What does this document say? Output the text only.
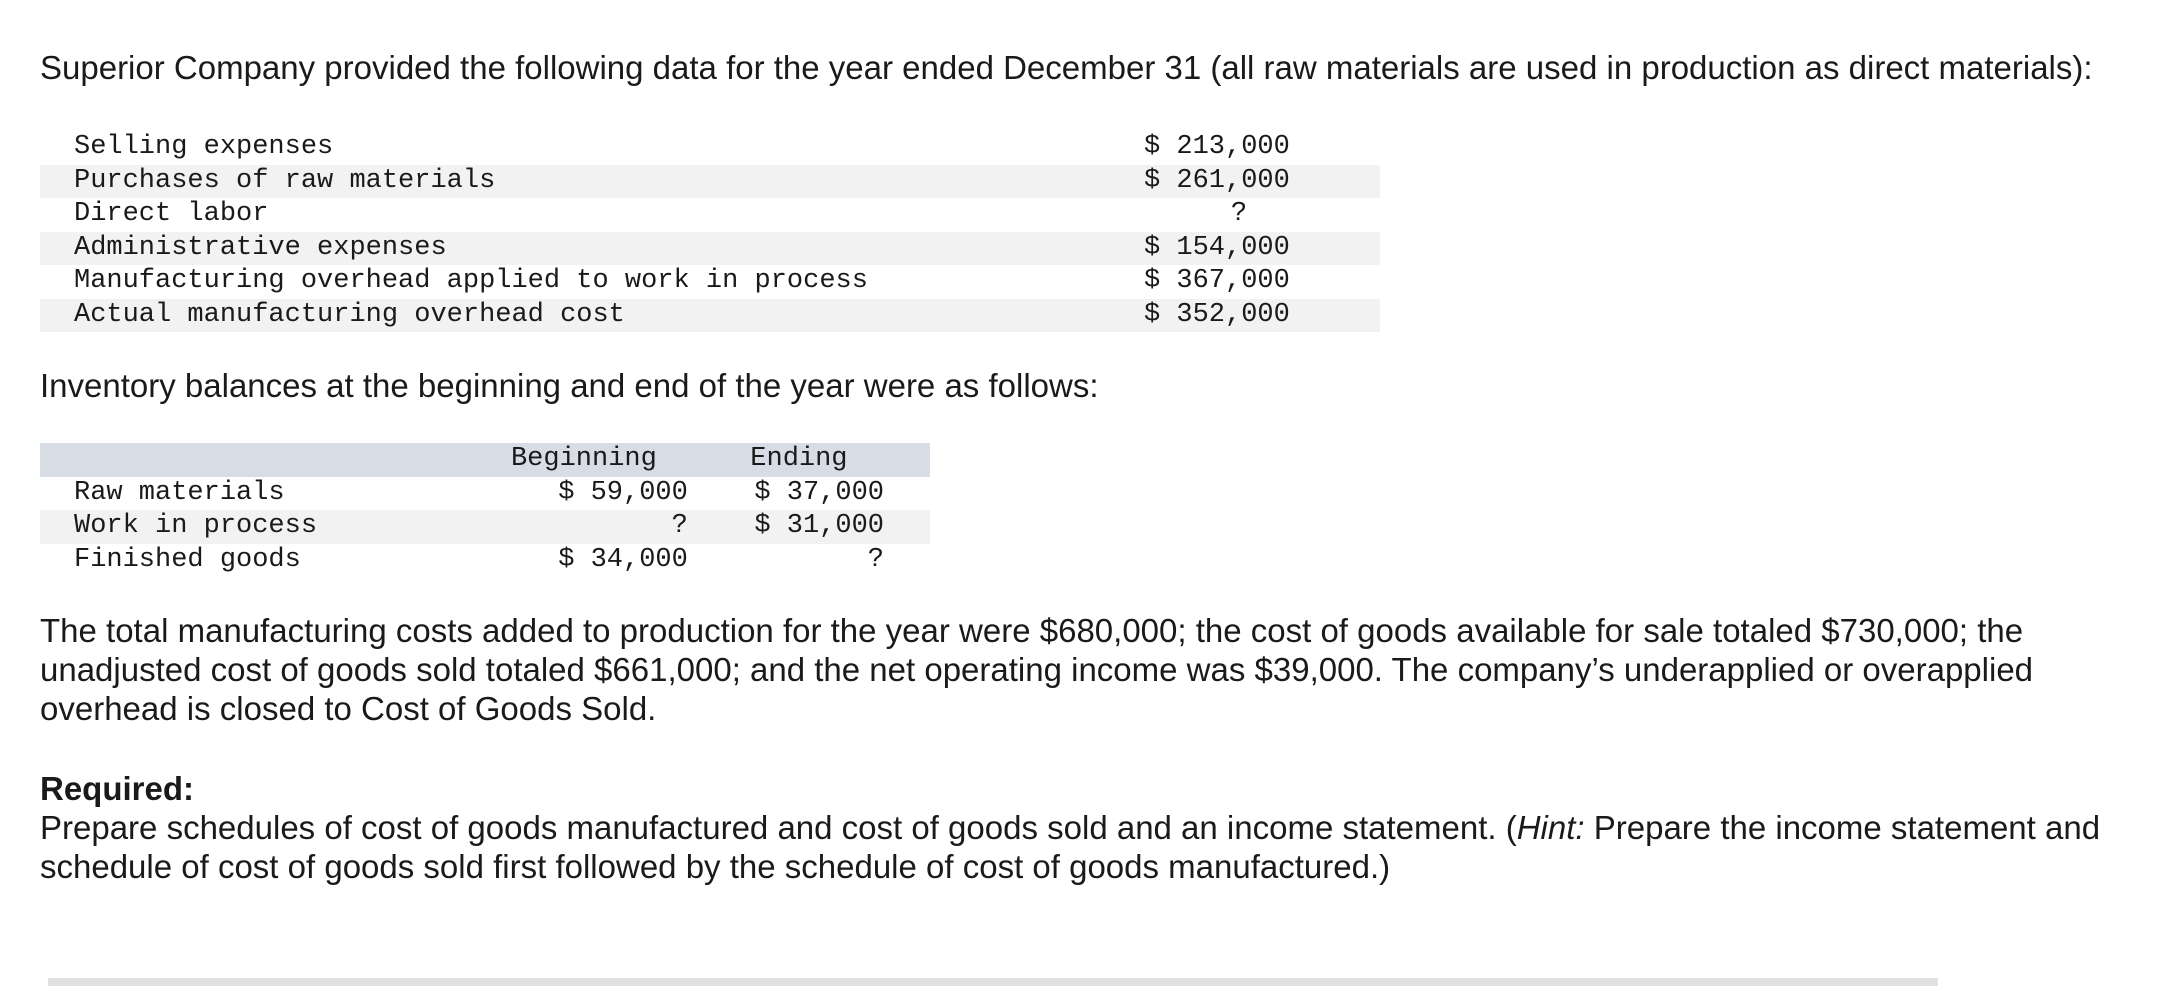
Superior Company provided the following data for the year ended December 31 (all raw materials are used in production as direct materials):

Selling expenses	$ 213,000
Purchases of raw materials	$ 261,000
Direct labor	?
Administrative expenses	$ 154,000
Manufacturing overhead applied to work in process	$ 367,000
Actual manufacturing overhead cost	$ 352,000

Inventory balances at the beginning and end of the year were as follows:

	Beginning	Ending
Raw materials	$ 59,000	$ 37,000
Work in process	?	$ 31,000
Finished goods	$ 34,000	?

The total manufacturing costs added to production for the year were $680,000; the cost of goods available for sale totaled $730,000; the unadjusted cost of goods sold totaled $661,000; and the net operating income was $39,000. The company’s underapplied or overapplied overhead is closed to Cost of Goods Sold.

Required:

Prepare schedules of cost of goods manufactured and cost of goods sold and an income statement. (Hint: Prepare the income statement and schedule of cost of goods sold first followed by the schedule of cost of goods manufactured.)
